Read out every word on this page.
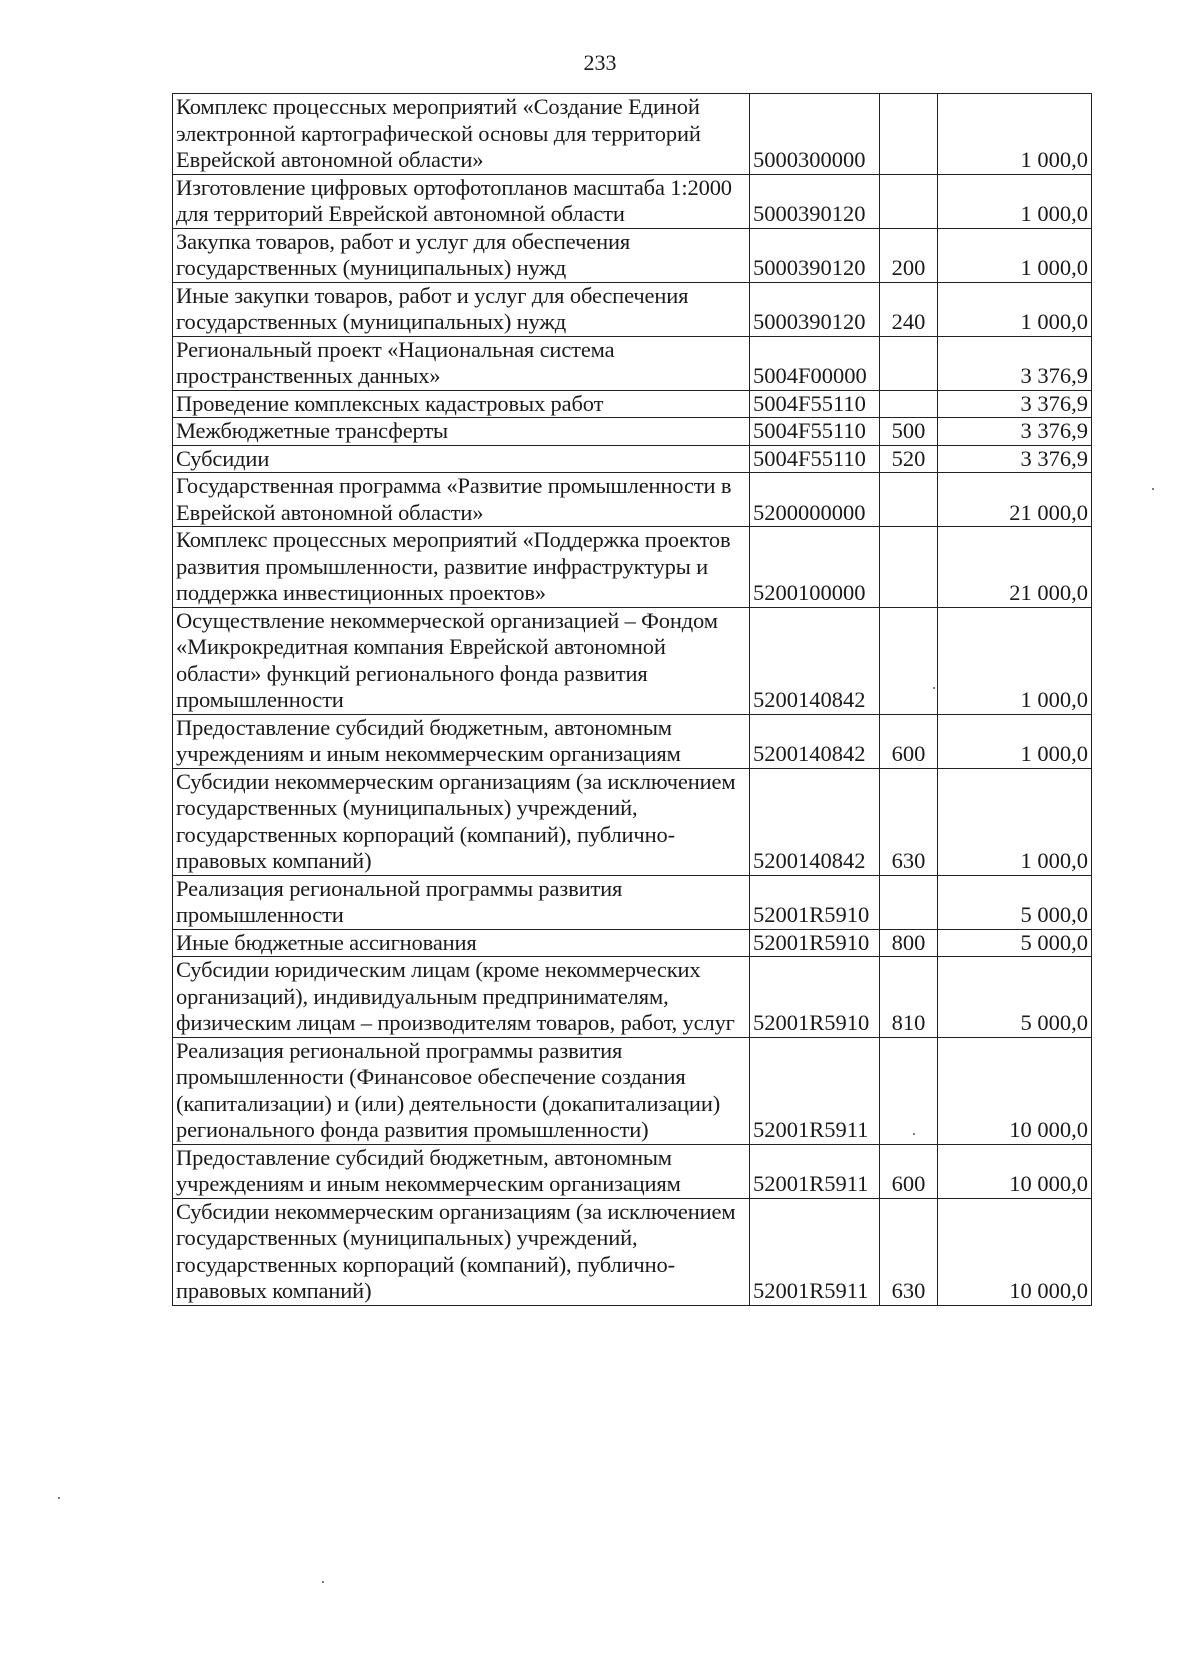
233
Комплекс процессных мероприятий «Создание Единой электронной картографической основы для территорий Еврейской автономной области»	5000300000		1 000,0
Изготовление цифровых ортофотопланов масштаба 1:2000 для территорий Еврейской автономной области	5000390120		1 000,0
Закупка товаров, работ и услуг для обеспечения государственных (муниципальных) нужд	5000390120	200	1 000,0
Иные закупки товаров, работ и услуг для обеспечения государственных (муниципальных) нужд	5000390120	240	1 000,0
Региональный проект «Национальная система пространственных данных»	5004F00000		3 376,9
Проведение комплексных кадастровых работ	5004F55110		3 376,9
Межбюджетные трансферты	5004F55110	500	3 376,9
Субсидии	5004F55110	520	3 376,9
Государственная программа «Развитие промышленности в Еврейской автономной области»	5200000000		21 000,0
Комплекс процессных мероприятий «Поддержка проектов развития промышленности, развитие инфраструктуры и поддержка инвестиционных проектов»	5200100000		21 000,0
Осуществление некоммерческой организацией – Фондом «Микрокредитная компания Еврейской автономной области» функций регионального фонда развития промышленности	5200140842		1 000,0
Предоставление субсидий бюджетным, автономным учреждениям и иным некоммерческим организациям	5200140842	600	1 000,0
Субсидии некоммерческим организациям (за исключением государственных (муниципальных) учреждений, государственных корпораций (компаний), публично-правовых компаний)	5200140842	630	1 000,0
Реализация региональной программы развития промышленности	52001R5910		5 000,0
Иные бюджетные ассигнования	52001R5910	800	5 000,0
Субсидии юридическим лицам (кроме некоммерческих организаций), индивидуальным предпринимателям, физическим лицам – производителям товаров, работ, услуг	52001R5910	810	5 000,0
Реализация региональной программы развития промышленности (Финансовое обеспечение создания (капитализации) и (или) деятельности (докапитализации) регионального фонда развития промышленности)	52001R5911		10 000,0
Предоставление субсидий бюджетным, автономным учреждениям и иным некоммерческим организациям	52001R5911	600	10 000,0
Субсидии некоммерческим организациям (за исключением государственных (муниципальных) учреждений, государственных корпораций (компаний), публично-правовых компаний)	52001R5911	630	10 000,0
